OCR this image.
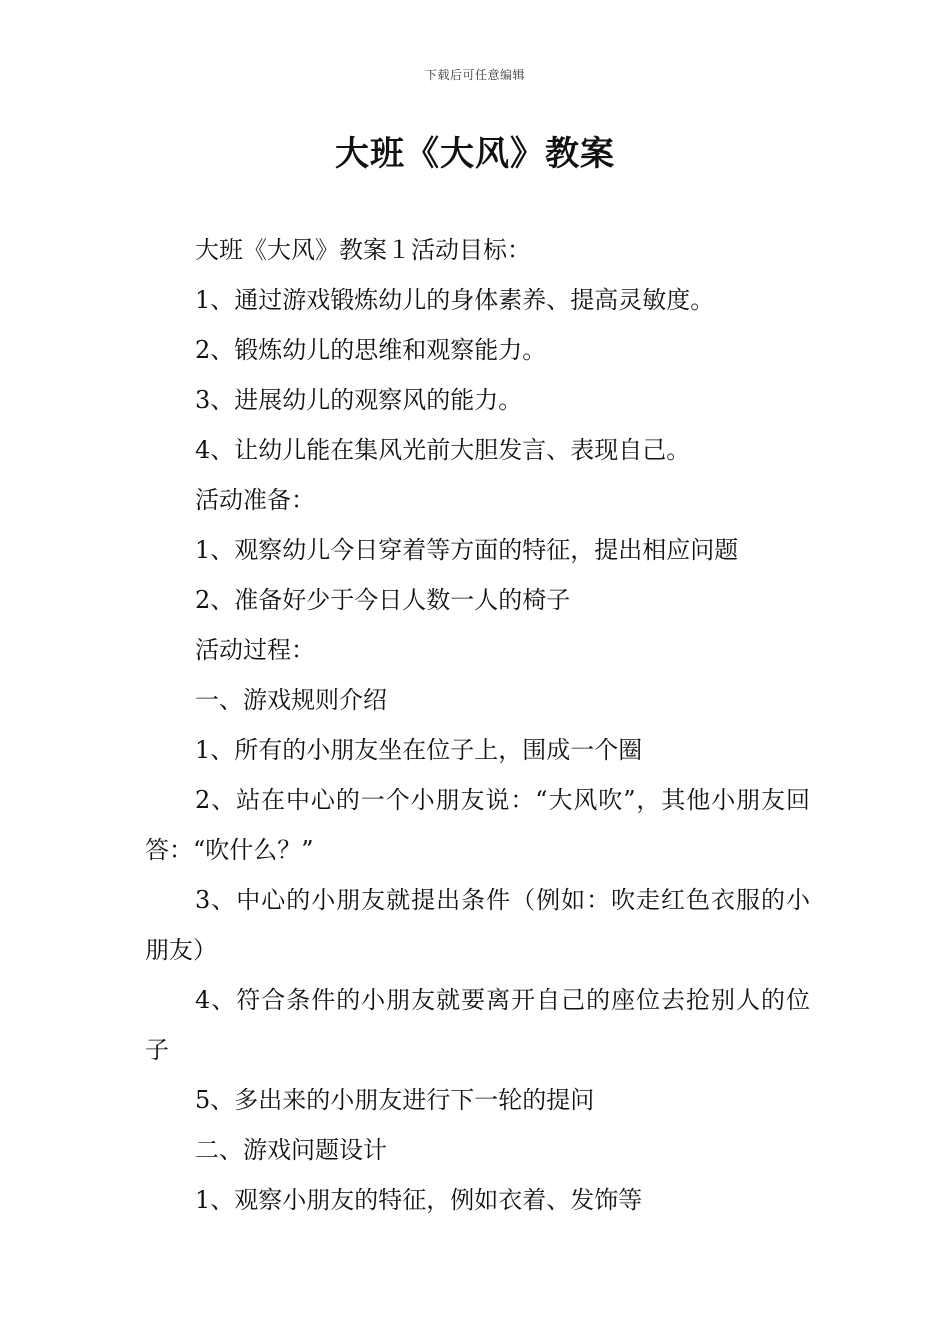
下载后可任意编辑
大班《大风》教案

大班《大风》教案１活动目标：

1、通过游戏锻炼幼儿的身体素养、提高灵敏度。

2、锻炼幼儿的思维和观察能力。

3、进展幼儿的观察风的能力。

4、让幼儿能在集风光前大胆发言、表现自己。

活动准备：

1、观察幼儿今日穿着等方面的特征，提出相应问题

2、准备好少于今日人数一人的椅子

活动过程：

一、游戏规则介绍

1、所有的小朋友坐在位子上，围成一个圈

2、站在中心的一个小朋友说：“大风吹”，其他小朋友回答：“吹什么？”

3、中心的小朋友就提出条件（例如：吹走红色衣服的小朋友）

4、符合条件的小朋友就要离开自己的座位去抢别人的位子

5、多出来的小朋友进行下一轮的提问

二、游戏问题设计

1、观察小朋友的特征，例如衣着、发饰等
